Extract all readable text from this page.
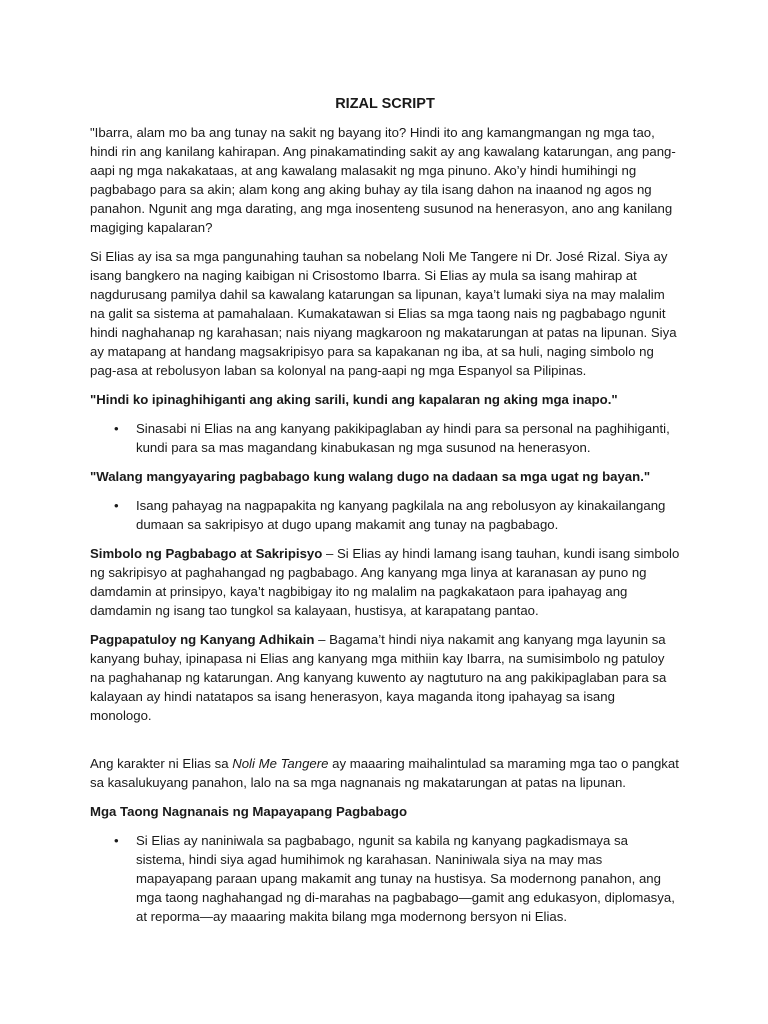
RIZAL SCRIPT

"Ibarra, alam mo ba ang tunay na sakit ng bayang ito? Hindi ito ang kamangmangan ng mga tao, hindi rin ang kanilang kahirapan. Ang pinakamatinding sakit ay ang kawalang katarungan, ang pang-aapi ng mga nakakataas, at ang kawalang malasakit ng mga pinuno. Ako’y hindi humihingi ng pagbabago para sa akin; alam kong ang aking buhay ay tila isang dahon na inaanod ng agos ng panahon. Ngunit ang mga darating, ang mga inosenteng susunod na henerasyon, ano ang kanilang magiging kapalaran?

Si Elias ay isa sa mga pangunahing tauhan sa nobelang Noli Me Tangere ni Dr. José Rizal. Siya ay isang bangkero na naging kaibigan ni Crisostomo Ibarra. Si Elias ay mula sa isang mahirap at nagdurusang pamilya dahil sa kawalang katarungan sa lipunan, kaya’t lumaki siya na may malalim na galit sa sistema at pamahalaan. Kumakatawan si Elias sa mga taong nais ng pagbabago ngunit hindi naghahanap ng karahasan; nais niyang magkaroon ng makatarungan at patas na lipunan. Siya ay matapang at handang magsakripisyo para sa kapakanan ng iba, at sa huli, naging simbolo ng pag-asa at rebolusyon laban sa kolonyal na pang-aapi ng mga Espanyol sa Pilipinas.

"Hindi ko ipinaghihiganti ang aking sarili, kundi ang kapalaran ng aking mga inapo."

• Sinasabi ni Elias na ang kanyang pakikipaglaban ay hindi para sa personal na paghihiganti, kundi para sa mas magandang kinabukasan ng mga susunod na henerasyon.

"Walang mangyayaring pagbabago kung walang dugo na dadaan sa mga ugat ng bayan."

• Isang pahayag na nagpapakita ng kanyang pagkilala na ang rebolusyon ay kinakailangang dumaan sa sakripisyo at dugo upang makamit ang tunay na pagbabago.

Simbolo ng Pagbabago at Sakripisyo – Si Elias ay hindi lamang isang tauhan, kundi isang simbolo ng sakripisyo at paghahangad ng pagbabago. Ang kanyang mga linya at karanasan ay puno ng damdamin at prinsipyo, kaya’t nagbibigay ito ng malalim na pagkakataon para ipahayag ang damdamin ng isang tao tungkol sa kalayaan, hustisya, at karapatang pantao.

Pagpapatuloy ng Kanyang Adhikain – Bagama’t hindi niya nakamit ang kanyang mga layunin sa kanyang buhay, ipinapasa ni Elias ang kanyang mga mithiin kay Ibarra, na sumisimbolo ng patuloy na paghahanap ng katarungan. Ang kanyang kuwento ay nagtuturo na ang pakikipaglaban para sa kalayaan ay hindi natatapos sa isang henerasyon, kaya maganda itong ipahayag sa isang monologo.

Ang karakter ni Elias sa Noli Me Tangere ay maaaring maihalintulad sa maraming mga tao o pangkat sa kasalukuyang panahon, lalo na sa mga nagnanais ng makatarungan at patas na lipunan.

Mga Taong Nagnanais ng Mapayapang Pagbabago

• Si Elias ay naniniwala sa pagbabago, ngunit sa kabila ng kanyang pagkadismaya sa sistema, hindi siya agad humihimok ng karahasan. Naniniwala siya na may mas mapayapang paraan upang makamit ang tunay na hustisya. Sa modernong panahon, ang mga taong naghahangad ng di-marahas na pagbabago—gamit ang edukasyon, diplomasya, at reporma—ay maaaring makita bilang mga modernong bersyon ni Elias.
